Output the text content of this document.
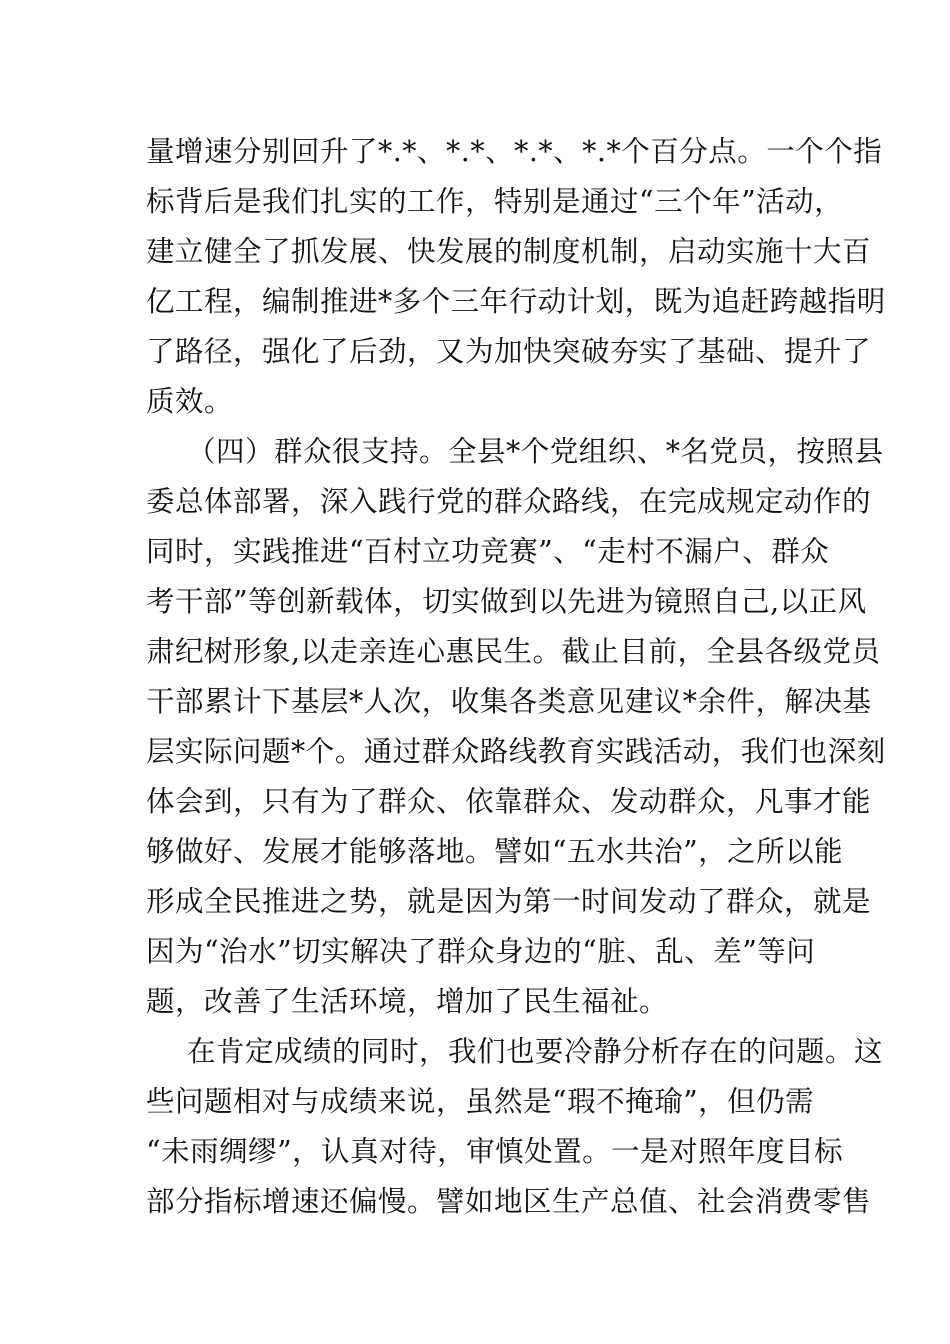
量增速分别回升了*.*、*.*、*.*、*.*个百分点。一个个指
标背后是我们扎实的工作，特别是通过“三个年”活动，
建立健全了抓发展、快发展的制度机制，启动实施十大百
亿工程，编制推进*多个三年行动计划，既为追赶跨越指明
了路径，强化了后劲，又为加快突破夯实了基础、提升了
质效。
（四）群众很支持。全县*个党组织、*名党员，按照县
委总体部署，深入践行党的群众路线，在完成规定动作的
同时，实践推进“百村立功竞赛”、“走村不漏户、群众
考干部”等创新载体，切实做到以先进为镜照自己,以正风
肃纪树形象,以走亲连心惠民生。截止目前，全县各级党员
干部累计下基层*人次，收集各类意见建议*余件，解决基
层实际问题*个。通过群众路线教育实践活动，我们也深刻
体会到，只有为了群众、依靠群众、发动群众，凡事才能
够做好、发展才能够落地。譬如“五水共治”，之所以能
形成全民推进之势，就是因为第一时间发动了群众，就是
因为“治水”切实解决了群众身边的“脏、乱、差”等问
题，改善了生活环境，增加了民生福祉。
在肯定成绩的同时，我们也要冷静分析存在的问题。这
些问题相对与成绩来说，虽然是“瑕不掩瑜”，但仍需
“未雨绸缪”，认真对待，审慎处置。一是对照年度目标
部分指标增速还偏慢。譬如地区生产总值、社会消费零售
